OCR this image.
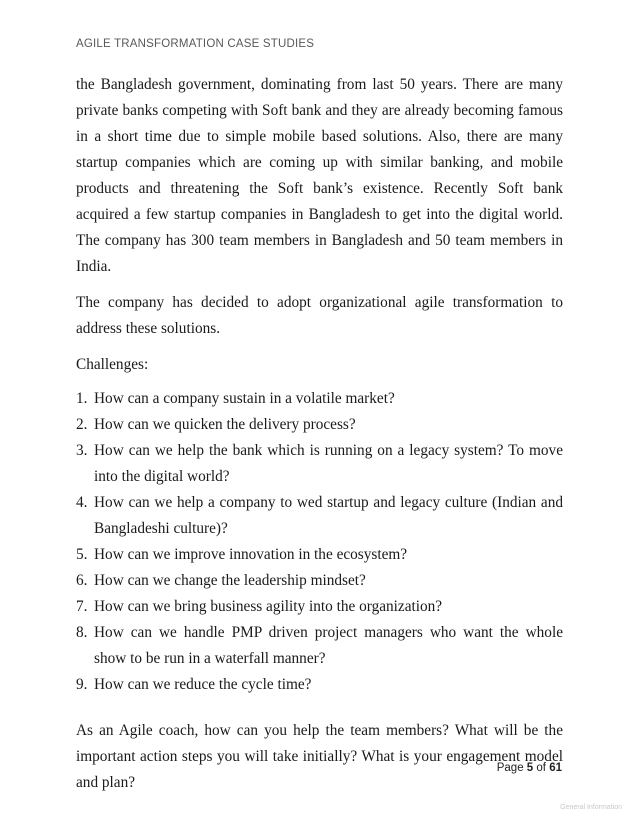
AGILE TRANSFORMATION CASE STUDIES

the Bangladesh government, dominating from last 50 years. There are many private banks competing with Soft bank and they are already becoming famous in a short time due to simple mobile based solutions. Also, there are many startup companies which are coming up with similar banking, and mobile products and threatening the Soft bank’s existence. Recently Soft bank acquired a few startup companies in Bangladesh to get into the digital world. The company has 300 team members in Bangladesh and 50 team members in India.

The company has decided to adopt organizational agile transformation to address these solutions.

Challenges:

1. How can a company sustain in a volatile market?
2. How can we quicken the delivery process?
3. How can we help the bank which is running on a legacy system? To move into the digital world?
4. How can we help a company to wed startup and legacy culture (Indian and Bangladeshi culture)?
5. How can we improve innovation in the ecosystem?
6. How can we change the leadership mindset?
7. How can we bring business agility into the organization?
8. How can we handle PMP driven project managers who want the whole show to be run in a waterfall manner?
9. How can we reduce the cycle time?

As an Agile coach, how can you help the team members? What will be the important action steps you will take initially? What is your engagement model and plan?

Page 5 of 61
General Information
